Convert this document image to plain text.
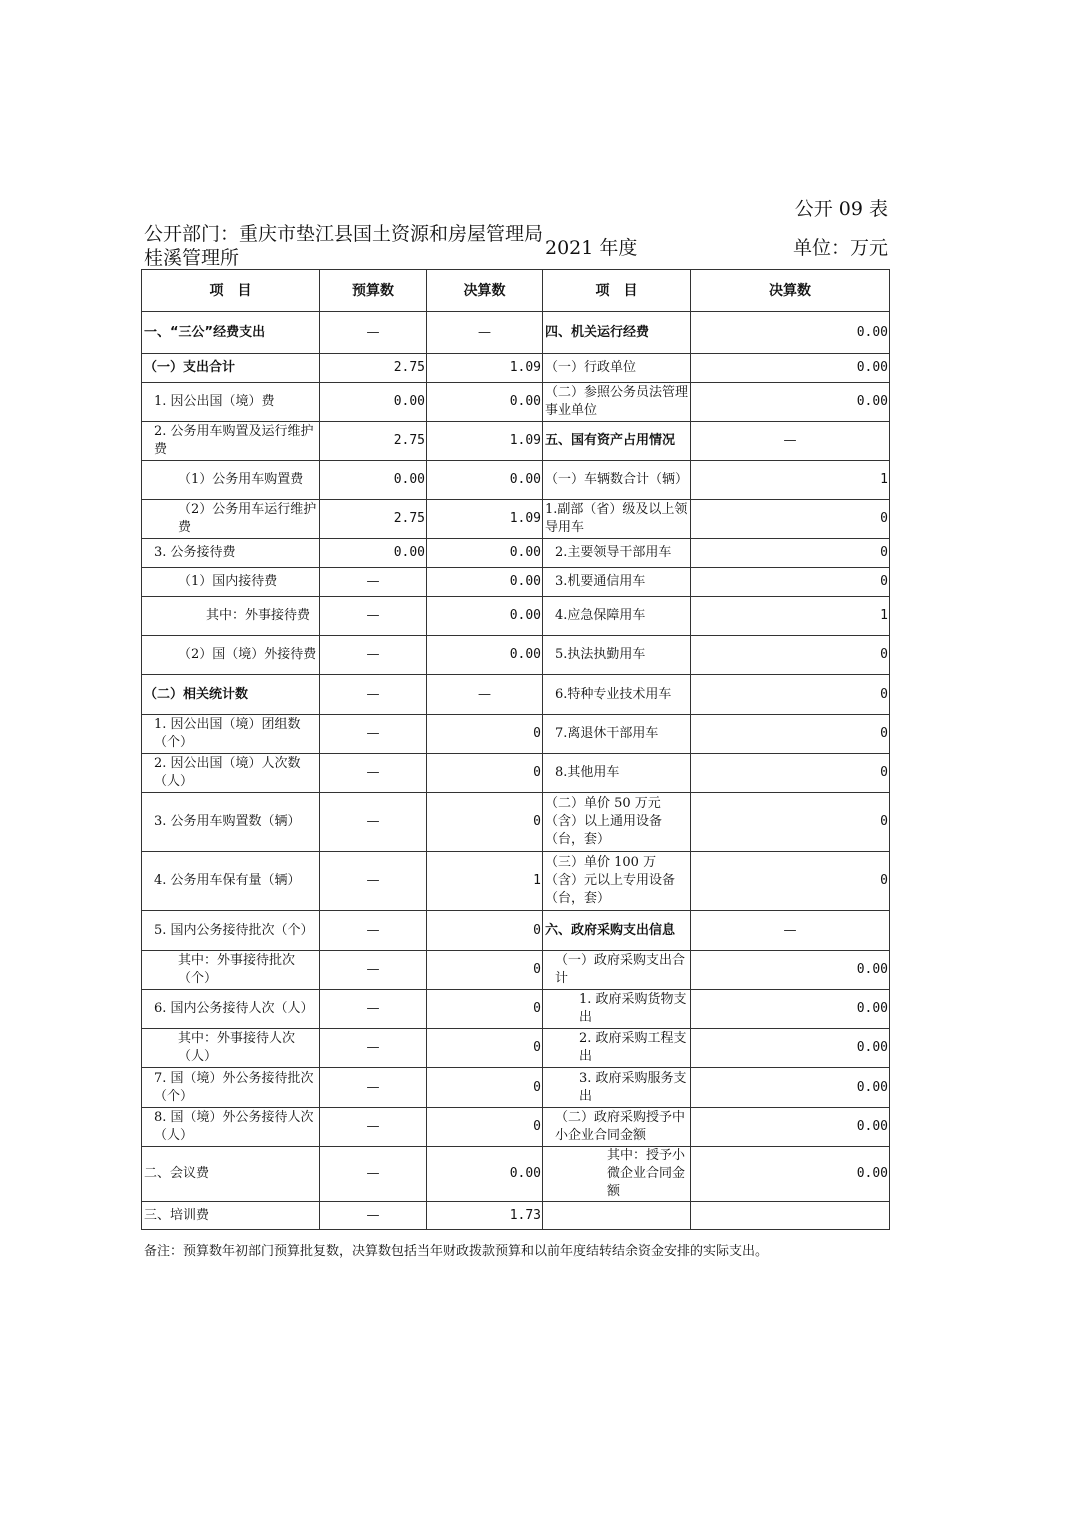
公开 09 表
公开部门：重庆市垫江县国土资源和房屋管理局桂溪管理所	2021 年度	单位：万元
项　目	预算数	决算数	项　目	决算数
一、“三公”经费支出	—	—	四、机关运行经费	0.00
（一）支出合计	2.75	1.09	（一）行政单位	0.00
1. 因公出国（境）费	0.00	0.00	（二）参照公务员法管理事业单位	0.00
2. 公务用车购置及运行维护费	2.75	1.09	五、国有资产占用情况	—
（1）公务用车购置费	0.00	0.00	（一）车辆数合计（辆）	1
（2）公务用车运行维护费	2.75	1.09	1.副部（省）级及以上领导用车	0
3. 公务接待费	0.00	0.00	2.主要领导干部用车	0
（1）国内接待费	—	0.00	3.机要通信用车	0
其中：外事接待费	—	0.00	4.应急保障用车	1
（2）国（境）外接待费	—	0.00	5.执法执勤用车	0
（二）相关统计数	—	—	6.特种专业技术用车	0
1. 因公出国（境）团组数（个）	—	0	7.离退休干部用车	0
2. 因公出国（境）人次数（人）	—	0	8.其他用车	0
3. 公务用车购置数（辆）	—	0	（二）单价 50 万元（含）以上通用设备（台，套）	0
4. 公务用车保有量（辆）	—	1	（三）单价 100 万（含）元以上专用设备（台，套）	0
5. 国内公务接待批次（个）	—	0	六、政府采购支出信息	—
其中：外事接待批次（个）	—	0	（一）政府采购支出合计	0.00
6. 国内公务接待人次（人）	—	0	1. 政府采购货物支出	0.00
其中：外事接待人次（人）	—	0	2. 政府采购工程支出	0.00
7. 国（境）外公务接待批次（个）	—	0	3. 政府采购服务支出	0.00
8. 国（境）外公务接待人次（人）	—	0	（二）政府采购授予中小企业合同金额	0.00
二、会议费	—	0.00	其中：授予小微企业合同金额	0.00
三、培训费	—	1.73		
备注：预算数年初部门预算批复数，决算数包括当年财政拨款预算和以前年度结转结余资金安排的实际支出。
